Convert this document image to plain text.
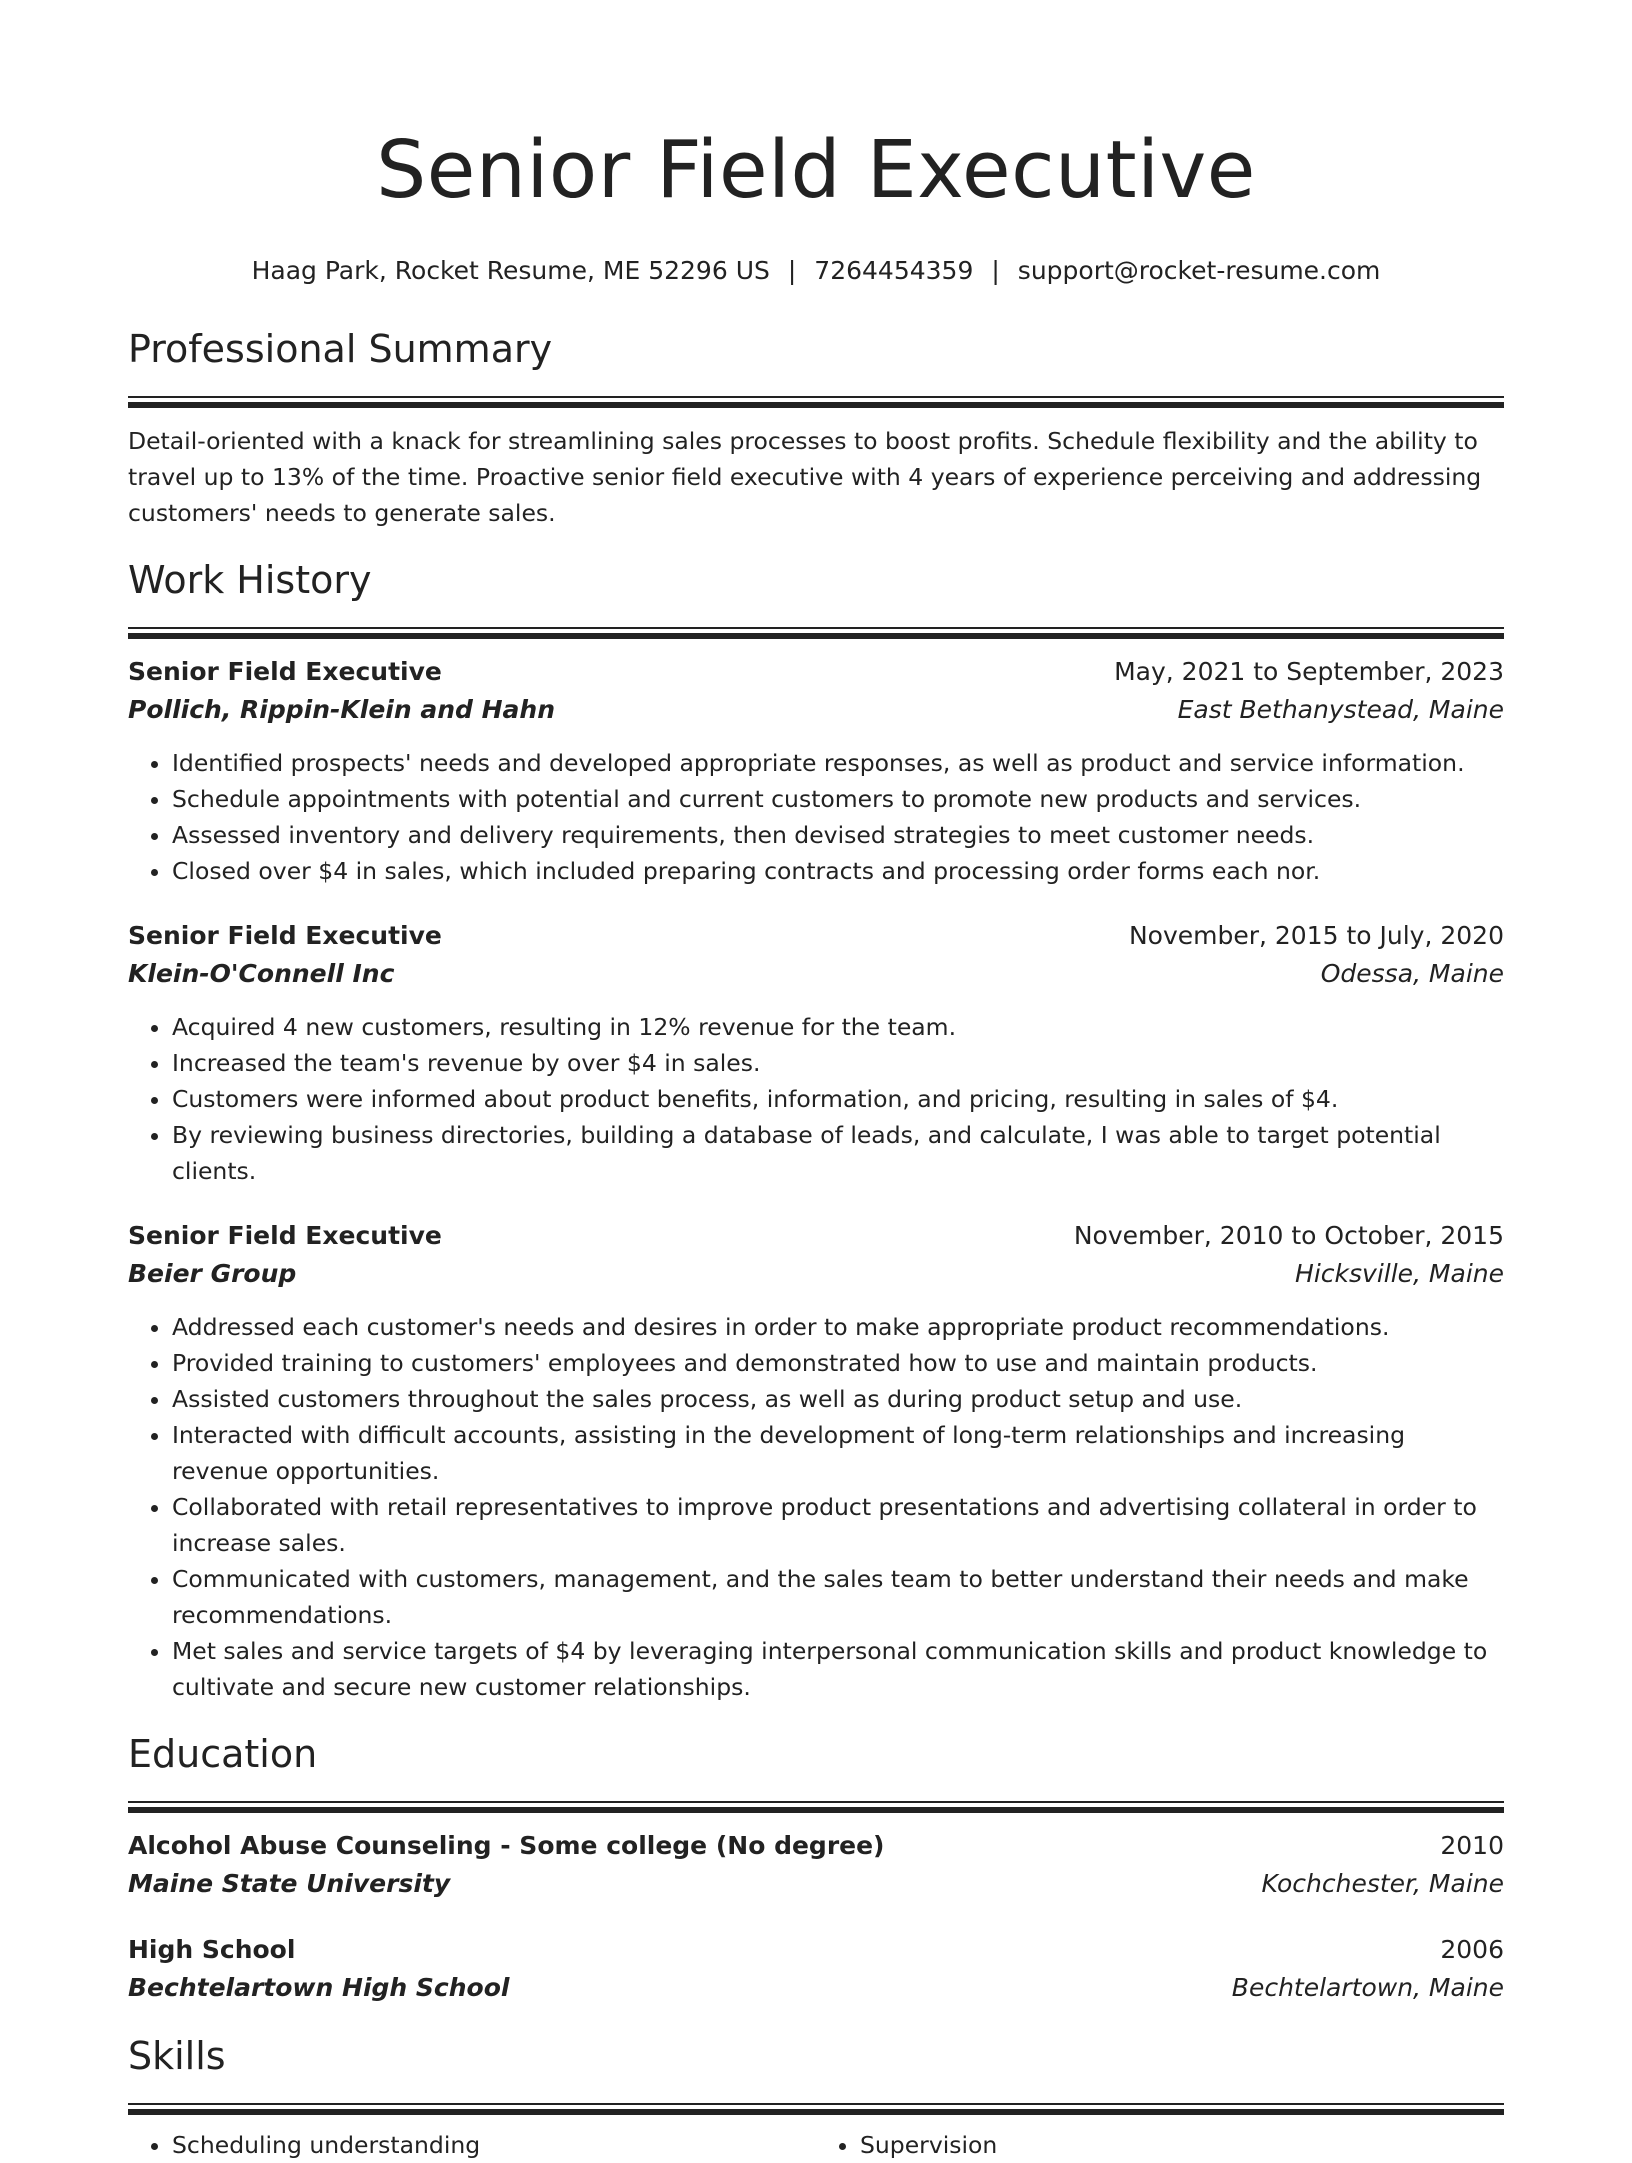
Senior Field Executive
Haag Park, Rocket Resume, ME 52296 US | 7264454359 | support@rocket-resume.com
Professional Summary
Detail-oriented with a knack for streamlining sales processes to boost profits. Schedule flexibility and the ability to travel up to 13% of the time. Proactive senior field executive with 4 years of experience perceiving and addressing customers' needs to generate sales.
Work History
Senior Field Executive	May, 2021 to September, 2023
Pollich, Rippin-Klein and Hahn	East Bethanystead, Maine
• Identified prospects' needs and developed appropriate responses, as well as product and service information.
• Schedule appointments with potential and current customers to promote new products and services.
• Assessed inventory and delivery requirements, then devised strategies to meet customer needs.
• Closed over $4 in sales, which included preparing contracts and processing order forms each nor.
Senior Field Executive	November, 2015 to July, 2020
Klein-O'Connell Inc	Odessa, Maine
• Acquired 4 new customers, resulting in 12% revenue for the team.
• Increased the team's revenue by over $4 in sales.
• Customers were informed about product benefits, information, and pricing, resulting in sales of $4.
• By reviewing business directories, building a database of leads, and calculate, I was able to target potential clients.
Senior Field Executive	November, 2010 to October, 2015
Beier Group	Hicksville, Maine
• Addressed each customer's needs and desires in order to make appropriate product recommendations.
• Provided training to customers' employees and demonstrated how to use and maintain products.
• Assisted customers throughout the sales process, as well as during product setup and use.
• Interacted with difficult accounts, assisting in the development of long-term relationships and increasing revenue opportunities.
• Collaborated with retail representatives to improve product presentations and advertising collateral in order to increase sales.
• Communicated with customers, management, and the sales team to better understand their needs and make recommendations.
• Met sales and service targets of $4 by leveraging interpersonal communication skills and product knowledge to cultivate and secure new customer relationships.
Education
Alcohol Abuse Counseling - Some college (No degree)	2010
Maine State University	Kochchester, Maine
High School	2006
Bechtelartown High School	Bechtelartown, Maine
Skills
• Scheduling understanding
•	Supervision
